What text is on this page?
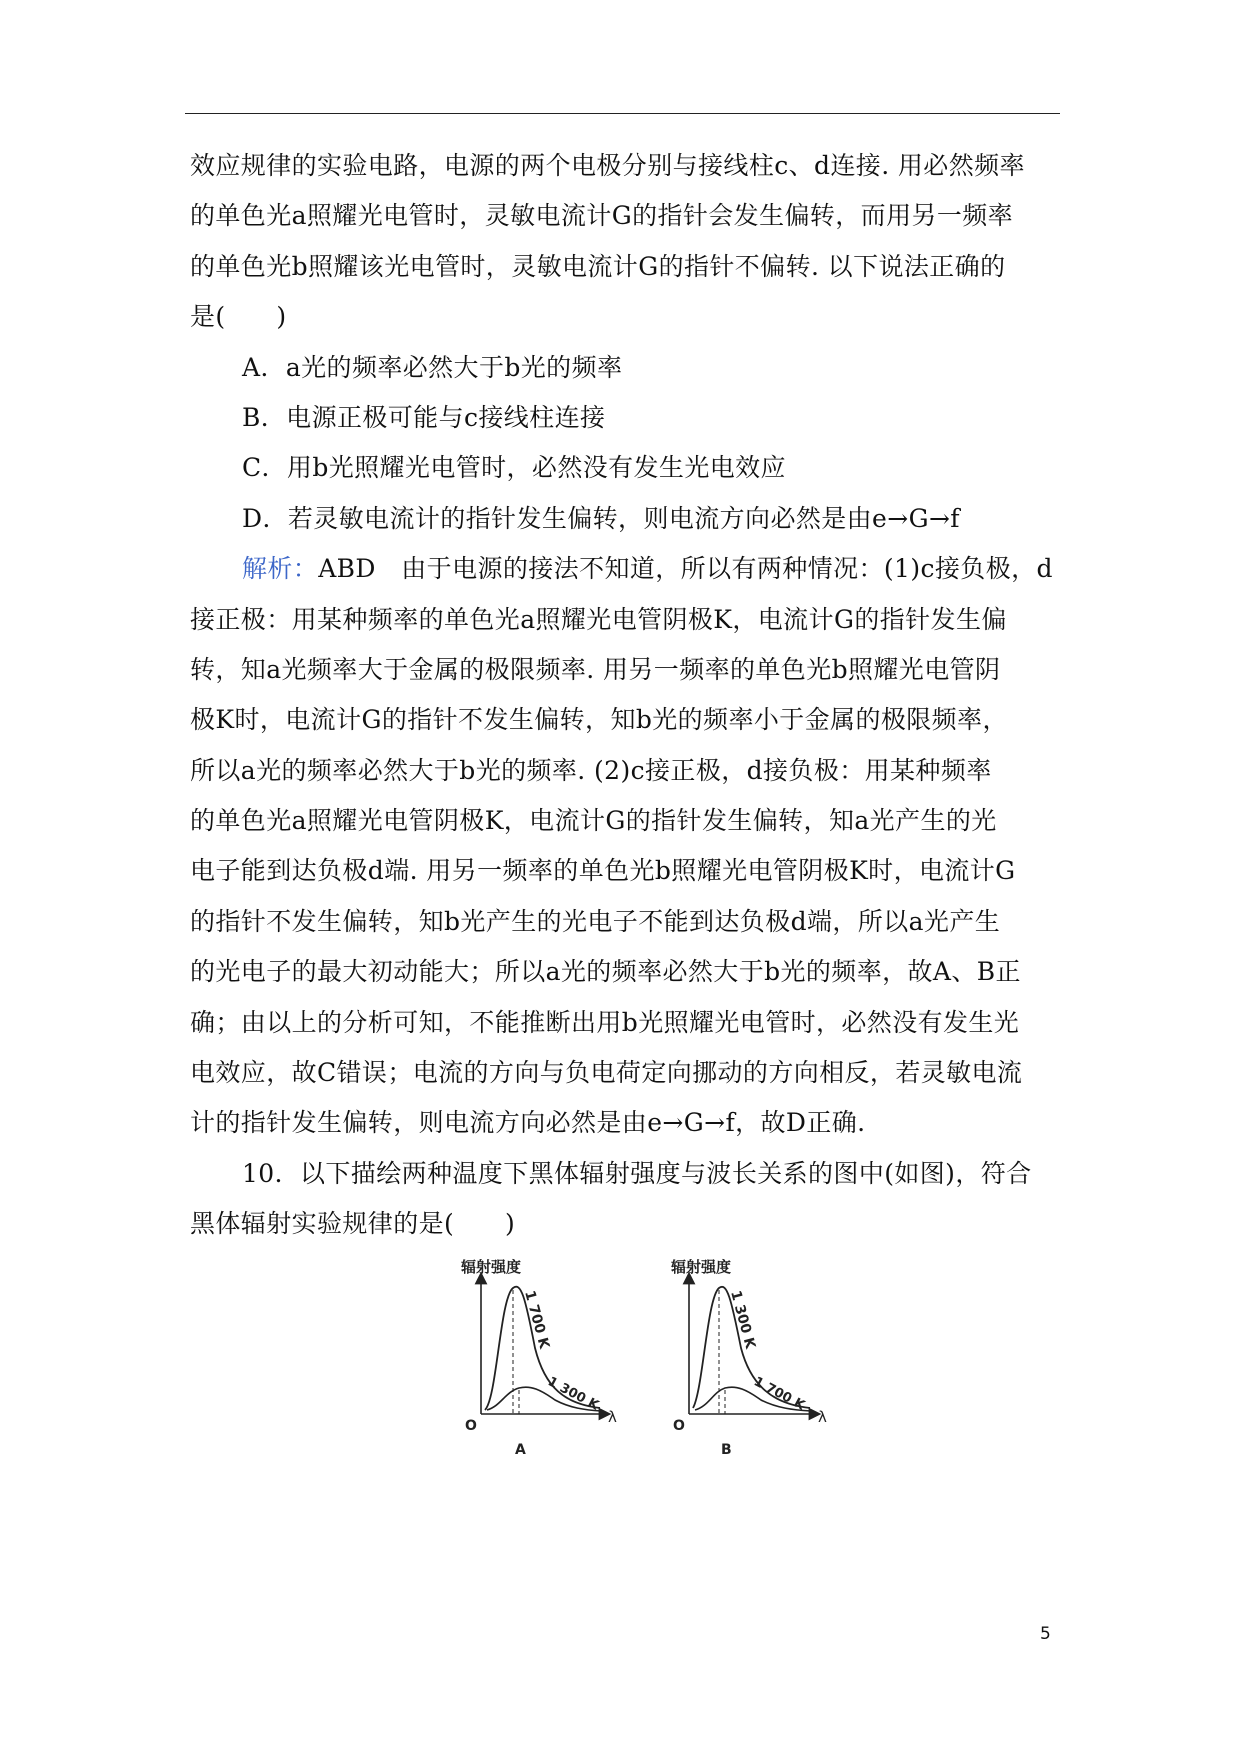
效应规律的实验电路，电源的两个电极分别与接线柱c、d连接. 用必然频率
的单色光a照耀光电管时，灵敏电流计G的指针会发生偏转，而用另一频率
的单色光b照耀该光电管时，灵敏电流计G的指针不偏转. 以下说法正确的
是(　　)
A．a光的频率必然大于b光的频率
B．电源正极可能与c接线柱连接
C．用b光照耀光电管时，必然没有发生光电效应
D．若灵敏电流计的指针发生偏转，则电流方向必然是由e→G→f
解析：ABD　由于电源的接法不知道，所以有两种情况：(1)c接负极，d
接正极：用某种频率的单色光a照耀光电管阴极K，电流计G的指针发生偏
转，知a光频率大于金属的极限频率. 用另一频率的单色光b照耀光电管阴
极K时，电流计G的指针不发生偏转，知b光的频率小于金属的极限频率，
所以a光的频率必然大于b光的频率. (2)c接正极，d接负极：用某种频率
的单色光a照耀光电管阴极K，电流计G的指针发生偏转，知a光产生的光
电子能到达负极d端. 用另一频率的单色光b照耀光电管阴极K时，电流计G
的指针不发生偏转，知b光产生的光电子不能到达负极d端，所以a光产生
的光电子的最大初动能大；所以a光的频率必然大于b光的频率，故A、B正
确；由以上的分析可知，不能推断出用b光照耀光电管时，必然没有发生光
电效应，故C错误；电流的方向与负电荷定向挪动的方向相反，若灵敏电流
计的指针发生偏转，则电流方向必然是由e→G→f，故D正确.
10．以下描绘两种温度下黑体辐射强度与波长关系的图中(如图)，符合
黑体辐射实验规律的是(　　)
辐射强度
O	λ
1 700 K
1 300 K
A
辐射强度
O	λ
1 300 K
1 700 K
B
5
